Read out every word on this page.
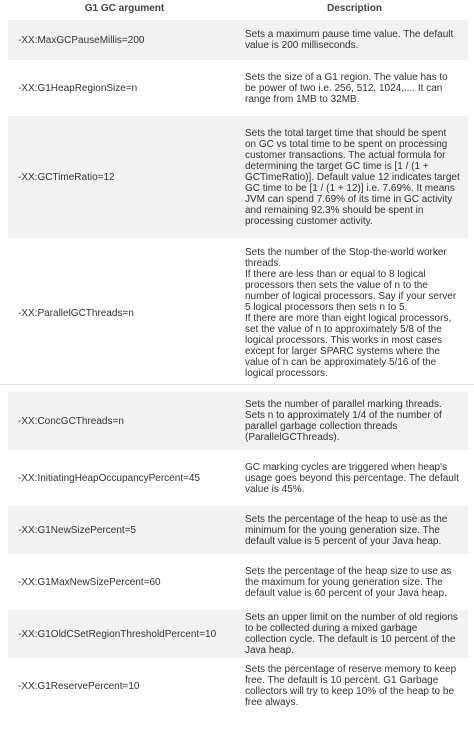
G1 GC argument	Description

-XX:MaxGCPauseMillis=200	Sets a maximum pause time value. The default value is 200 milliseconds.

-XX:G1HeapRegionSize=n	Sets the size of a G1 region. The value has to be power of two i.e. 256, 512, 1024,.... It can range from 1MB to 32MB.

-XX:GCTimeRatio=12	Sets the total target time that should be spent on GC vs total time to be spent on processing customer transactions. The actual formula for determining the target GC time is [1 / (1 + GCTimeRatio)]. Default value 12 indicates target GC time to be [1 / (1 + 12)] i.e. 7.69%. It means JVM can spend 7.69% of its time in GC activity and remaining 92.3% should be spent in processing customer activity.

-XX:ParallelGCThreads=n	Sets the number of the Stop-the-world worker threads.
If there are less than or equal to 8 logical processors then sets the value of n to the number of logical processors. Say if your server 5 logical processors then sets n to 5.
If there are more than eight logical processors, set the value of n to approximately 5/8 of the logical processors. This works in most cases except for larger SPARC systems where the value of n can be approximately 5/16 of the logical processors.
-XX:ConcGCThreads=n	Sets the number of parallel marking threads. Sets n to approximately 1/4 of the number of parallel garbage collection threads (ParallelGCThreads).

-XX:InitiatingHeapOccupancyPercent=45	GC marking cycles are triggered when heap's usage goes beyond this percentage. The default value is 45%.

-XX:G1NewSizePercent=5	Sets the percentage of the heap to use as the minimum for the young generation size. The default value is 5 percent of your Java heap.

-XX:G1MaxNewSizePercent=60	Sets the percentage of the heap size to use as the maximum for young generation size. The default value is 60 percent of your Java heap.

-XX:G1OldCSetRegionThresholdPercent=10	Sets an upper limit on the number of old regions to be collected during a mixed garbage collection cycle. The default is 10 percent of the Java heap.

-XX:G1ReservePercent=10	Sets the percentage of reserve memory to keep free. The default is 10 percent. G1 Garbage collectors will try to keep 10% of the heap to be free always.
